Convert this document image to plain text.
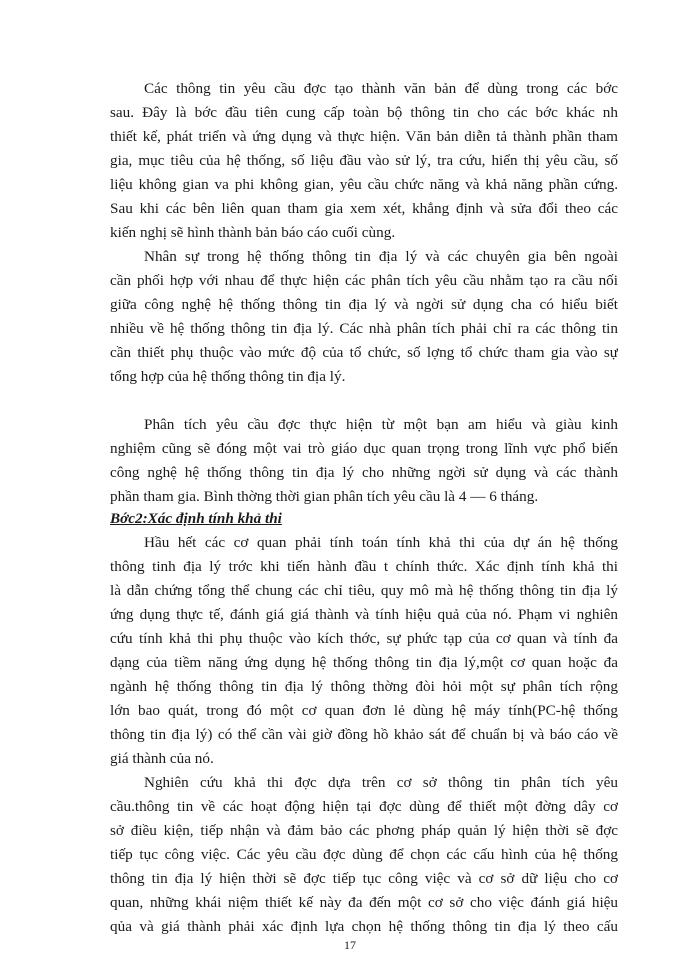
Các thông tin yêu cầu đợc tạo thành văn bản để dùng trong các bớc
sau. Đây là bớc đầu tiên cung cấp toàn bộ thông tin cho các bớc khác nh
thiết kế, phát triển và ứng dụng và thực hiện. Văn bản diễn tả thành phần tham
gia, mục tiêu của hệ thống, số liệu đầu vào sử lý, tra cứu, hiển thị yêu cầu, số
liệu không gian va phi không gian, yêu cầu chức năng và khả năng phần cứng.
Sau khi các bên liên quan tham gia xem xét, khẳng định và sửa đổi theo các
kiến nghị sẽ hình thành bản báo cáo cuối cùng.
Nhân sự trong hệ thống thông tin địa lý và các chuyên gia bên ngoài
cần phối hợp với nhau để thực hiện các phân tích yêu cầu nhằm tạo ra cầu nối
giữa công nghệ hệ thống thông tin địa lý và ngời sử dụng cha có hiểu biết
nhiều về hệ thống thông tin địa lý. Các nhà phân tích phải chỉ ra các thông tin
cần thiết phụ thuộc vào mức độ của tổ chức, số lợng tổ chức tham gia vào sự
tổng hợp của hệ thống thông tin địa lý.
Phân tích yêu cầu đợc thực hiện từ một bạn am hiểu và giàu kinh
nghiệm cũng sẽ đóng một vai trò giáo dục quan trọng trong lĩnh vực phổ biến
công nghệ hệ thống thông tin địa lý cho những ngời sử dụng và các thành
phần tham gia. Bình thờng thời gian phân tích yêu cầu là 4 — 6 tháng.
Bớc2:Xác định tính khả thi
Hầu hết các cơ quan phải tính toán tính khả thi của dự án hệ thống
thông tinh địa lý trớc khi tiến hành đầu t chính thức. Xác định tính khả thi
là dẫn chứng tổng thể chung các chỉ tiêu, quy mô mà hệ thống thông tin địa lý
ứng dụng thực tế, đánh giá giá thành và tính hiệu quả của nó. Phạm vi nghiên
cứu tính khả thi phụ thuộc vào kích thớc, sự phức tạp của cơ quan và tính đa
dạng của tiềm năng ứng dụng hệ thống thông tin địa lý,một cơ quan hoặc đa
ngành hệ thống thông tin địa lý thông thờng đòi hỏi một sự phân tích rộng
lớn bao quát, trong đó một cơ quan đơn lẻ dùng hệ máy tính(PC-hệ thống
thông tin địa lý) có thể cần vài giờ đồng hồ khảo sát để chuẩn bị và báo cáo về
giá thành của nó.
Nghiên cứu khả thi đợc dựa trên cơ sở thông tin phân tích yêu
cầu.thông tin về các hoạt động hiện tại đợc dùng để thiết một đờng dây cơ
sở điều kiện, tiếp nhận và đảm bảo các phơng pháp quản lý hiện thời sẽ đợc
tiếp tục công việc. Các yêu cầu đợc dùng để chọn các cấu hình của hệ thống
thông tin địa lý hiện thời sẽ đợc tiếp tục công việc và cơ sở dữ liệu cho cơ
quan, những khái niệm thiết kế này đa đến một cơ sở cho việc đánh giá hiệu
qủa và giá thành phải xác định lựa chọn hệ thống thông tin địa lý theo cấu
17
